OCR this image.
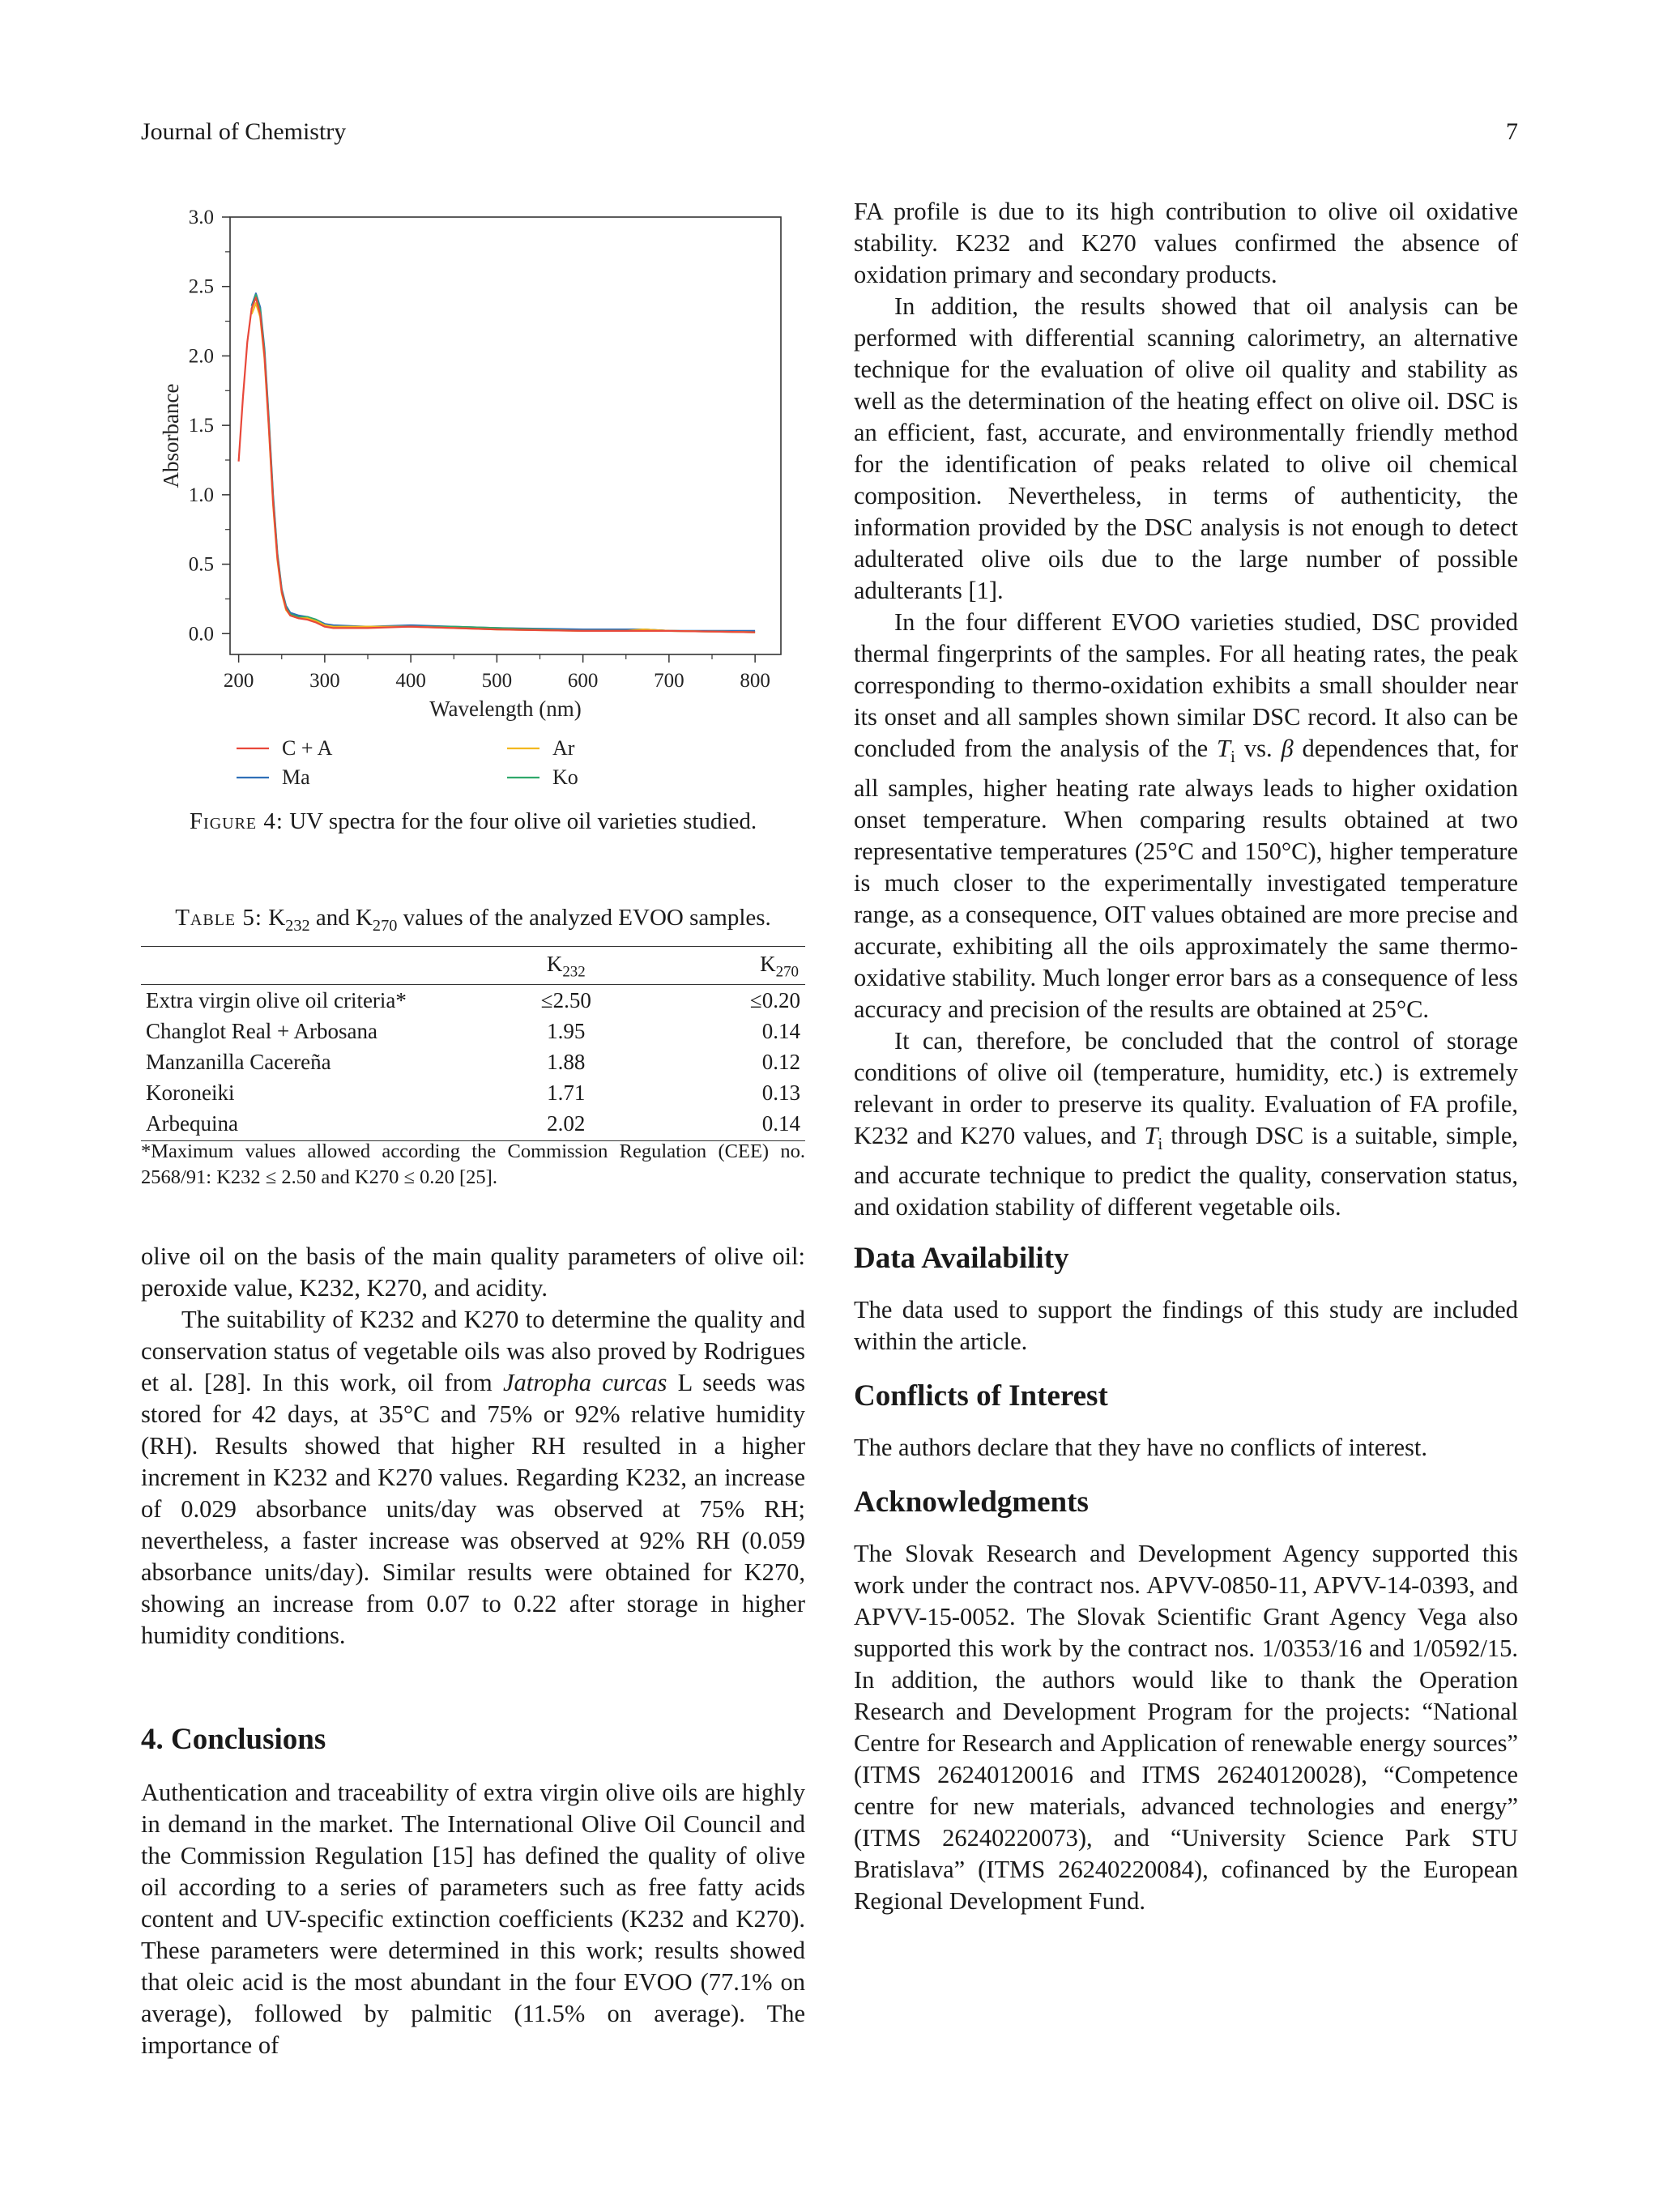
Journal of Chemistry	7
200	300	400	500	600	700	800
0.0
0.5
1.0
1.5
2.0
2.5
3.0
Wavelength (nm)
Absorbance
C + A	Ar
Ma	Ko
Figure 4: UV spectra for the four olive oil varieties studied.
Table 5: $K_{232}$ and $K_{270}$ values of the analyzed EVOO samples.
	$K_{232}$	$K_{270}$
Extra virgin olive oil criteria*	≤2.50	≤0.20
Changlot Real + Arbosana	1.95	0.14
Manzanilla Cacereña	1.88	0.12
Koroneiki	1.71	0.13
Arbequina	2.02	0.14
*Maximum values allowed according the Commission Regulation (CEE) no. 2568/91: K232 ≤ 2.50 and K270 ≤ 0.20 [25].

olive oil on the basis of the main quality parameters of olive oil: peroxide value, K232, K270, and acidity.

The suitability of K232 and K270 to determine the quality and conservation status of vegetable oils was also proved by Rodrigues et al. [28]. In this work, oil from Jatropha curcas L seeds was stored for 42 days, at 35°C and 75% or 92% relative humidity (RH). Results showed that higher RH resulted in a higher increment in K232 and K270 values. Regarding K232, an increase of 0.029 absorbance units/day was observed at 75% RH; nevertheless, a faster increase was observed at 92% RH (0.059 absorbance units/day). Similar results were obtained for K270, showing an increase from 0.07 to 0.22 after storage in higher humidity conditions.

4. Conclusions

Authentication and traceability of extra virgin olive oils are highly in demand in the market. The International Olive Oil Council and the Commission Regulation [15] has defined the quality of olive oil according to a series of parameters such as free fatty acids content and UV-specific extinction coefficients (K232 and K270). These parameters were determined in this work; results showed that oleic acid is the most abundant in the four EVOO (77.1% on average), followed by palmitic (11.5% on average). The importance of

FA profile is due to its high contribution to olive oil oxidative stability. K232 and K270 values confirmed the absence of oxidation primary and secondary products.

In addition, the results showed that oil analysis can be performed with differential scanning calorimetry, an alternative technique for the evaluation of olive oil quality and stability as well as the determination of the heating effect on olive oil. DSC is an efficient, fast, accurate, and environmentally friendly method for the identification of peaks related to olive oil chemical composition. Nevertheless, in terms of authenticity, the information provided by the DSC analysis is not enough to detect adulterated olive oils due to the large number of possible adulterants [1].

In the four different EVOO varieties studied, DSC provided thermal fingerprints of the samples. For all heating rates, the peak corresponding to thermo-oxidation exhibits a small shoulder near its onset and all samples shown similar DSC record. It also can be concluded from the analysis of the $T_i$ vs. β dependences that, for all samples, higher heating rate always leads to higher oxidation onset temperature. When comparing results obtained at two representative temperatures (25°C and 150°C), higher temperature is much closer to the experimentally investigated temperature range, as a consequence, OIT values obtained are more precise and accurate, exhibiting all the oils approximately the same thermo-oxidative stability. Much longer error bars as a consequence of less accuracy and precision of the results are obtained at 25°C.

It can, therefore, be concluded that the control of storage conditions of olive oil (temperature, humidity, etc.) is extremely relevant in order to preserve its quality. Evaluation of FA profile, K232 and K270 values, and $T_i$ through DSC is a suitable, simple, and accurate technique to predict the quality, conservation status, and oxidation stability of different vegetable oils.

Data Availability

The data used to support the findings of this study are included within the article.

Conflicts of Interest

The authors declare that they have no conflicts of interest.

Acknowledgments

The Slovak Research and Development Agency supported this work under the contract nos. APVV-0850-11, APVV-14-0393, and APVV-15-0052. The Slovak Scientific Grant Agency Vega also supported this work by the contract nos. 1/0353/16 and 1/0592/15. In addition, the authors would like to thank the Operation Research and Development Program for the projects: “National Centre for Research and Application of renewable energy sources” (ITMS 26240120016 and ITMS 26240120028), “Competence centre for new materials, advanced technologies and energy” (ITMS 26240220073), and “University Science Park STU Bratislava” (ITMS 26240220084), cofinanced by the European Regional Development Fund.
